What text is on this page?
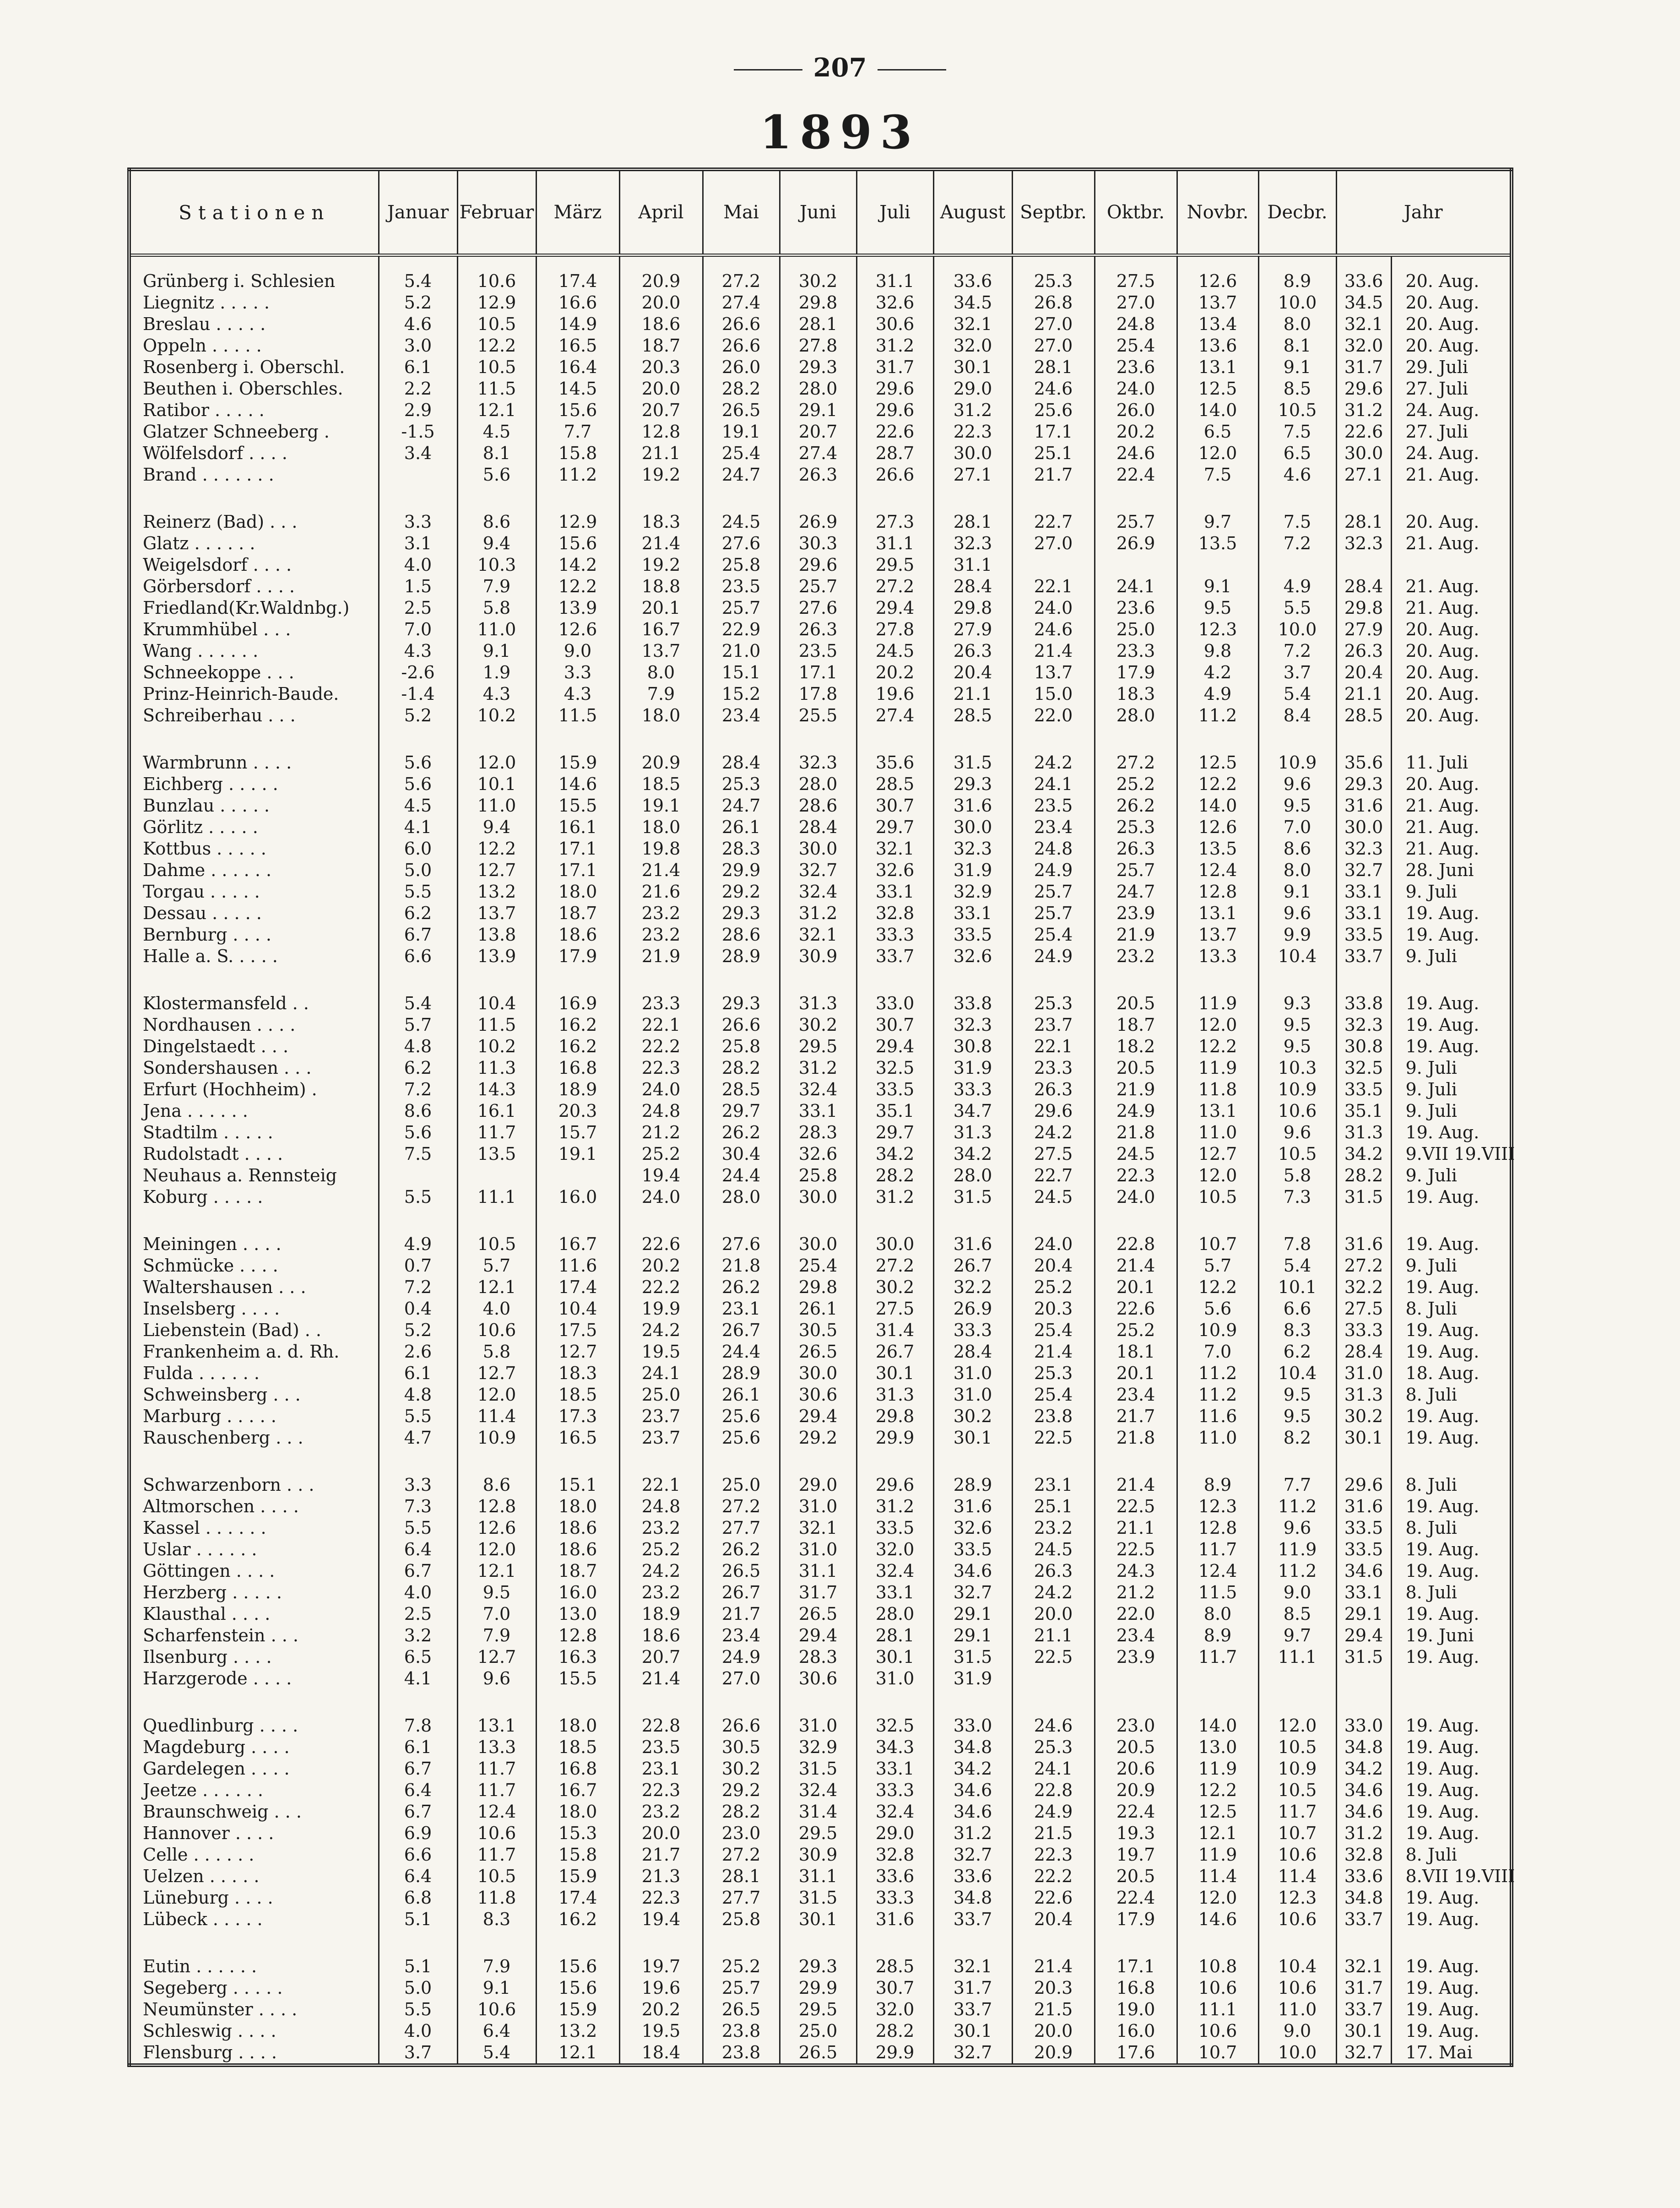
207
1893
Stationen	Januar	Februar	März	April	Mai	Juni	Juli	August	Septbr.	Oktbr.	Novbr.	Decbr.	Jahr	

Grünberg i. Schlesien	5.4	10.6	17.4	20.9	27.2	30.2	31.1	33.6	25.3	27.5	12.6	8.9	33.6	20. Aug.
Liegnitz . . . . .	5.2	12.9	16.6	20.0	27.4	29.8	32.6	34.5	26.8	27.0	13.7	10.0	34.5	20. Aug.
Breslau . . . . .	4.6	10.5	14.9	18.6	26.6	28.1	30.6	32.1	27.0	24.8	13.4	8.0	32.1	20. Aug.
Oppeln . . . . .	3.0	12.2	16.5	18.7	26.6	27.8	31.2	32.0	27.0	25.4	13.6	8.1	32.0	20. Aug.
Rosenberg i. Oberschl.	6.1	10.5	16.4	20.3	26.0	29.3	31.7	30.1	28.1	23.6	13.1	9.1	31.7	29. Juli
Beuthen i. Oberschles.	2.2	11.5	14.5	20.0	28.2	28.0	29.6	29.0	24.6	24.0	12.5	8.5	29.6	27. Juli
Ratibor . . . . .	2.9	12.1	15.6	20.7	26.5	29.1	29.6	31.2	25.6	26.0	14.0	10.5	31.2	24. Aug.
Glatzer Schneeberg .	-1.5	4.5	7.7	12.8	19.1	20.7	22.6	22.3	17.1	20.2	6.5	7.5	22.6	27. Juli
Wölfelsdorf . . . .	3.4	8.1	15.8	21.1	25.4	27.4	28.7	30.0	25.1	24.6	12.0	6.5	30.0	24. Aug.
Brand . . . . . . .		5.6	11.2	19.2	24.7	26.3	26.6	27.1	21.7	22.4	7.5	4.6	27.1	21. Aug.

Reinerz (Bad) . . .	3.3	8.6	12.9	18.3	24.5	26.9	27.3	28.1	22.7	25.7	9.7	7.5	28.1	20. Aug.
Glatz . . . . . .	3.1	9.4	15.6	21.4	27.6	30.3	31.1	32.3	27.0	26.9	13.5	7.2	32.3	21. Aug.
Weigelsdorf . . . .	4.0	10.3	14.2	19.2	25.8	29.6	29.5	31.1						
Görbersdorf . . . .	1.5	7.9	12.2	18.8	23.5	25.7	27.2	28.4	22.1	24.1	9.1	4.9	28.4	21. Aug.
Friedland(Kr.Waldnbg.)	2.5	5.8	13.9	20.1	25.7	27.6	29.4	29.8	24.0	23.6	9.5	5.5	29.8	21. Aug.
Krummhübel . . .	7.0	11.0	12.6	16.7	22.9	26.3	27.8	27.9	24.6	25.0	12.3	10.0	27.9	20. Aug.
Wang . . . . . .	4.3	9.1	9.0	13.7	21.0	23.5	24.5	26.3	21.4	23.3	9.8	7.2	26.3	20. Aug.
Schneekoppe . . .	-2.6	1.9	3.3	8.0	15.1	17.1	20.2	20.4	13.7	17.9	4.2	3.7	20.4	20. Aug.
Prinz-Heinrich-Baude.	-1.4	4.3	4.3	7.9	15.2	17.8	19.6	21.1	15.0	18.3	4.9	5.4	21.1	20. Aug.
Schreiberhau . . .	5.2	10.2	11.5	18.0	23.4	25.5	27.4	28.5	22.0	28.0	11.2	8.4	28.5	20. Aug.

Warmbrunn . . . .	5.6	12.0	15.9	20.9	28.4	32.3	35.6	31.5	24.2	27.2	12.5	10.9	35.6	11. Juli
Eichberg . . . . .	5.6	10.1	14.6	18.5	25.3	28.0	28.5	29.3	24.1	25.2	12.2	9.6	29.3	20. Aug.
Bunzlau . . . . .	4.5	11.0	15.5	19.1	24.7	28.6	30.7	31.6	23.5	26.2	14.0	9.5	31.6	21. Aug.
Görlitz . . . . .	4.1	9.4	16.1	18.0	26.1	28.4	29.7	30.0	23.4	25.3	12.6	7.0	30.0	21. Aug.
Kottbus . . . . .	6.0	12.2	17.1	19.8	28.3	30.0	32.1	32.3	24.8	26.3	13.5	8.6	32.3	21. Aug.
Dahme . . . . . .	5.0	12.7	17.1	21.4	29.9	32.7	32.6	31.9	24.9	25.7	12.4	8.0	32.7	28. Juni
Torgau . . . . .	5.5	13.2	18.0	21.6	29.2	32.4	33.1	32.9	25.7	24.7	12.8	9.1	33.1	9. Juli
Dessau . . . . .	6.2	13.7	18.7	23.2	29.3	31.2	32.8	33.1	25.7	23.9	13.1	9.6	33.1	19. Aug.
Bernburg . . . .	6.7	13.8	18.6	23.2	28.6	32.1	33.3	33.5	25.4	21.9	13.7	9.9	33.5	19. Aug.
Halle a. S. . . . .	6.6	13.9	17.9	21.9	28.9	30.9	33.7	32.6	24.9	23.2	13.3	10.4	33.7	9. Juli

Klostermansfeld . .	5.4	10.4	16.9	23.3	29.3	31.3	33.0	33.8	25.3	20.5	11.9	9.3	33.8	19. Aug.
Nordhausen . . . .	5.7	11.5	16.2	22.1	26.6	30.2	30.7	32.3	23.7	18.7	12.0	9.5	32.3	19. Aug.
Dingelstaedt . . .	4.8	10.2	16.2	22.2	25.8	29.5	29.4	30.8	22.1	18.2	12.2	9.5	30.8	19. Aug.
Sondershausen . . .	6.2	11.3	16.8	22.3	28.2	31.2	32.5	31.9	23.3	20.5	11.9	10.3	32.5	9. Juli
Erfurt (Hochheim) .	7.2	14.3	18.9	24.0	28.5	32.4	33.5	33.3	26.3	21.9	11.8	10.9	33.5	9. Juli
Jena . . . . . .	8.6	16.1	20.3	24.8	29.7	33.1	35.1	34.7	29.6	24.9	13.1	10.6	35.1	9. Juli
Stadtilm . . . . .	5.6	11.7	15.7	21.2	26.2	28.3	29.7	31.3	24.2	21.8	11.0	9.6	31.3	19. Aug.
Rudolstadt . . . .	7.5	13.5	19.1	25.2	30.4	32.6	34.2	34.2	27.5	24.5	12.7	10.5	34.2	9.VII 19.VIII
Neuhaus a. Rennsteig				19.4	24.4	25.8	28.2	28.0	22.7	22.3	12.0	5.8	28.2	9. Juli
Koburg . . . . .	5.5	11.1	16.0	24.0	28.0	30.0	31.2	31.5	24.5	24.0	10.5	7.3	31.5	19. Aug.

Meiningen . . . .	4.9	10.5	16.7	22.6	27.6	30.0	30.0	31.6	24.0	22.8	10.7	7.8	31.6	19. Aug.
Schmücke . . . .	0.7	5.7	11.6	20.2	21.8	25.4	27.2	26.7	20.4	21.4	5.7	5.4	27.2	9. Juli
Waltershausen . . .	7.2	12.1	17.4	22.2	26.2	29.8	30.2	32.2	25.2	20.1	12.2	10.1	32.2	19. Aug.
Inselsberg . . . .	0.4	4.0	10.4	19.9	23.1	26.1	27.5	26.9	20.3	22.6	5.6	6.6	27.5	8. Juli
Liebenstein (Bad) . .	5.2	10.6	17.5	24.2	26.7	30.5	31.4	33.3	25.4	25.2	10.9	8.3	33.3	19. Aug.
Frankenheim a. d. Rh.	2.6	5.8	12.7	19.5	24.4	26.5	26.7	28.4	21.4	18.1	7.0	6.2	28.4	19. Aug.
Fulda . . . . . .	6.1	12.7	18.3	24.1	28.9	30.0	30.1	31.0	25.3	20.1	11.2	10.4	31.0	18. Aug.
Schweinsberg . . .	4.8	12.0	18.5	25.0	26.1	30.6	31.3	31.0	25.4	23.4	11.2	9.5	31.3	8. Juli
Marburg . . . . .	5.5	11.4	17.3	23.7	25.6	29.4	29.8	30.2	23.8	21.7	11.6	9.5	30.2	19. Aug.
Rauschenberg . . .	4.7	10.9	16.5	23.7	25.6	29.2	29.9	30.1	22.5	21.8	11.0	8.2	30.1	19. Aug.

Schwarzenborn . . .	3.3	8.6	15.1	22.1	25.0	29.0	29.6	28.9	23.1	21.4	8.9	7.7	29.6	8. Juli
Altmorschen . . . .	7.3	12.8	18.0	24.8	27.2	31.0	31.2	31.6	25.1	22.5	12.3	11.2	31.6	19. Aug.
Kassel . . . . . .	5.5	12.6	18.6	23.2	27.7	32.1	33.5	32.6	23.2	21.1	12.8	9.6	33.5	8. Juli
Uslar . . . . . .	6.4	12.0	18.6	25.2	26.2	31.0	32.0	33.5	24.5	22.5	11.7	11.9	33.5	19. Aug.
Göttingen . . . .	6.7	12.1	18.7	24.2	26.5	31.1	32.4	34.6	26.3	24.3	12.4	11.2	34.6	19. Aug.
Herzberg . . . . .	4.0	9.5	16.0	23.2	26.7	31.7	33.1	32.7	24.2	21.2	11.5	9.0	33.1	8. Juli
Klausthal . . . .	2.5	7.0	13.0	18.9	21.7	26.5	28.0	29.1	20.0	22.0	8.0	8.5	29.1	19. Aug.
Scharfenstein . . .	3.2	7.9	12.8	18.6	23.4	29.4	28.1	29.1	21.1	23.4	8.9	9.7	29.4	19. Juni
Ilsenburg . . . .	6.5	12.7	16.3	20.7	24.9	28.3	30.1	31.5	22.5	23.9	11.7	11.1	31.5	19. Aug.
Harzgerode . . . .	4.1	9.6	15.5	21.4	27.0	30.6	31.0	31.9						

Quedlinburg . . . .	7.8	13.1	18.0	22.8	26.6	31.0	32.5	33.0	24.6	23.0	14.0	12.0	33.0	19. Aug.
Magdeburg . . . .	6.1	13.3	18.5	23.5	30.5	32.9	34.3	34.8	25.3	20.5	13.0	10.5	34.8	19. Aug.
Gardelegen . . . .	6.7	11.7	16.8	23.1	30.2	31.5	33.1	34.2	24.1	20.6	11.9	10.9	34.2	19. Aug.
Jeetze . . . . . .	6.4	11.7	16.7	22.3	29.2	32.4	33.3	34.6	22.8	20.9	12.2	10.5	34.6	19. Aug.
Braunschweig . . .	6.7	12.4	18.0	23.2	28.2	31.4	32.4	34.6	24.9	22.4	12.5	11.7	34.6	19. Aug.
Hannover . . . .	6.9	10.6	15.3	20.0	23.0	29.5	29.0	31.2	21.5	19.3	12.1	10.7	31.2	19. Aug.
Celle . . . . . .	6.6	11.7	15.8	21.7	27.2	30.9	32.8	32.7	22.3	19.7	11.9	10.6	32.8	8. Juli
Uelzen . . . . .	6.4	10.5	15.9	21.3	28.1	31.1	33.6	33.6	22.2	20.5	11.4	11.4	33.6	8.VII 19.VIII
Lüneburg . . . .	6.8	11.8	17.4	22.3	27.7	31.5	33.3	34.8	22.6	22.4	12.0	12.3	34.8	19. Aug.
Lübeck . . . . .	5.1	8.3	16.2	19.4	25.8	30.1	31.6	33.7	20.4	17.9	14.6	10.6	33.7	19. Aug.

Eutin . . . . . .	5.1	7.9	15.6	19.7	25.2	29.3	28.5	32.1	21.4	17.1	10.8	10.4	32.1	19. Aug.
Segeberg . . . . .	5.0	9.1	15.6	19.6	25.7	29.9	30.7	31.7	20.3	16.8	10.6	10.6	31.7	19. Aug.
Neumünster . . . .	5.5	10.6	15.9	20.2	26.5	29.5	32.0	33.7	21.5	19.0	11.1	11.0	33.7	19. Aug.
Schleswig . . . .	4.0	6.4	13.2	19.5	23.8	25.0	28.2	30.1	20.0	16.0	10.6	9.0	30.1	19. Aug.
Flensburg . . . .	3.7	5.4	12.1	18.4	23.8	26.5	29.9	32.7	20.9	17.6	10.7	10.0	32.7	17. Mai
